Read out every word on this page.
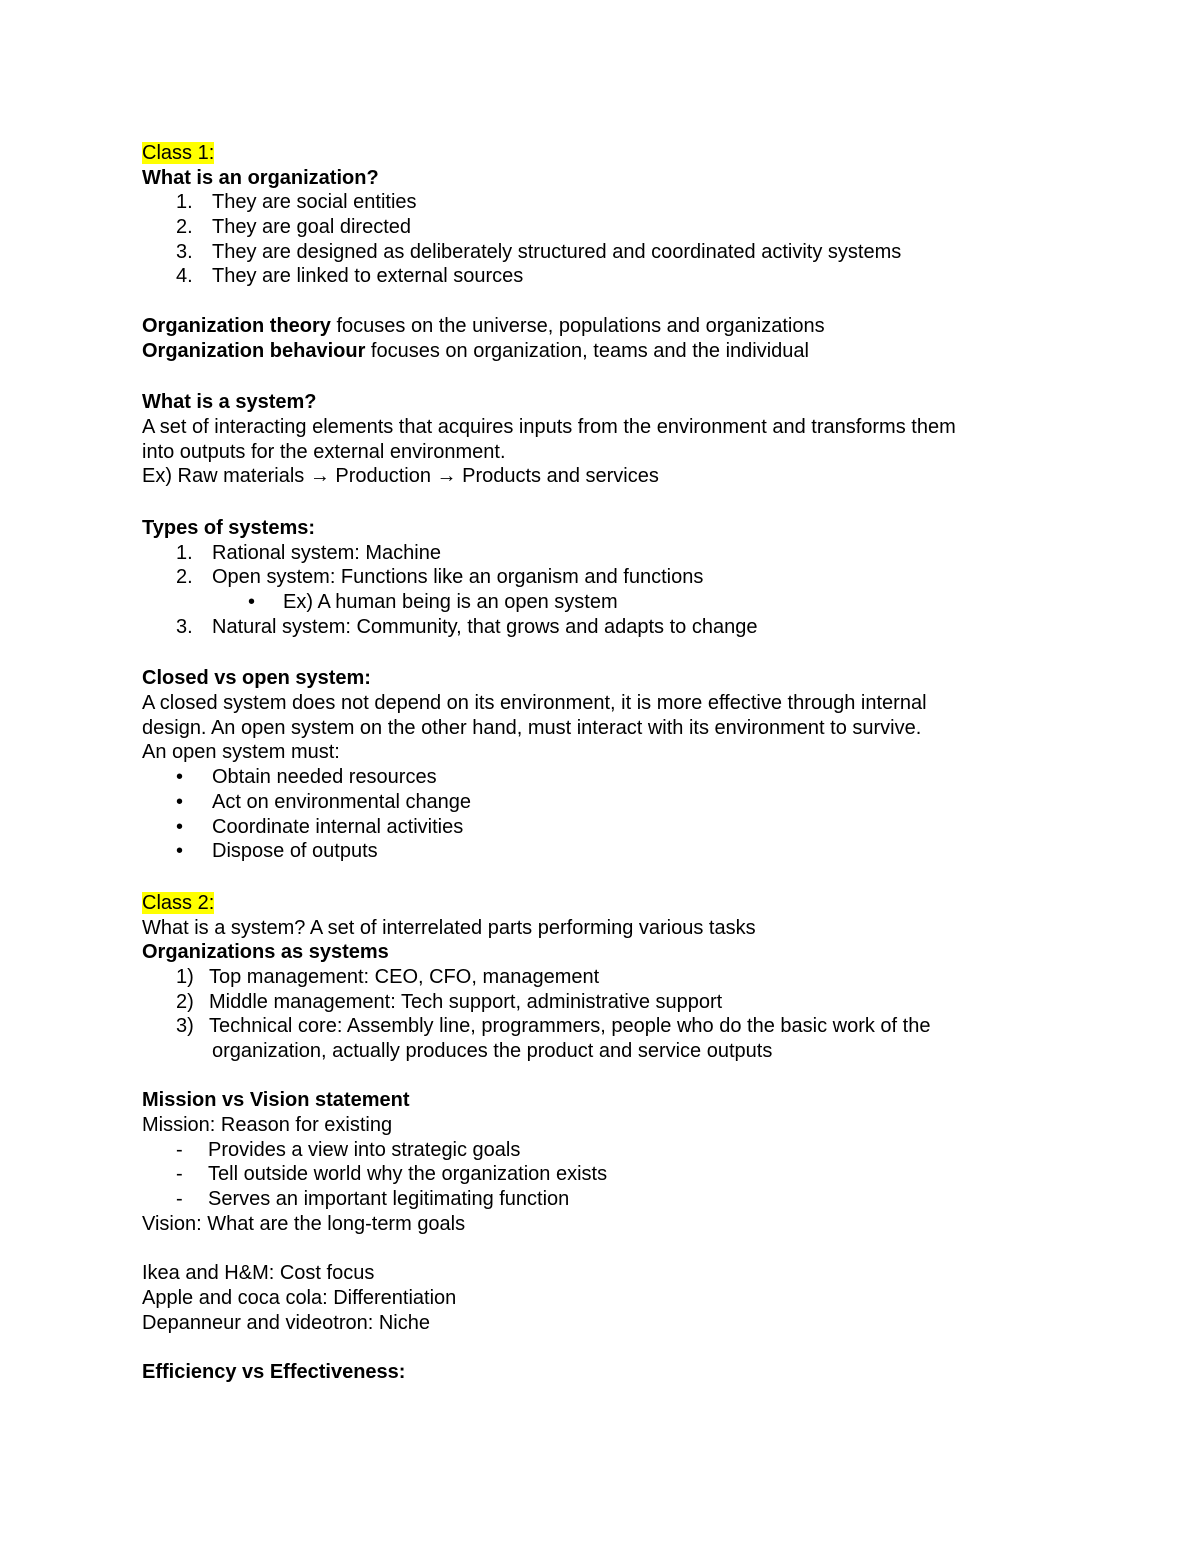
Class 1:
What is an organization?
1. They are social entities
2. They are goal directed
3. They are designed as deliberately structured and coordinated activity systems
4. They are linked to external sources
Organization theory focuses on the universe, populations and organizations
Organization behaviour focuses on organization, teams and the individual
What is a system?
A set of interacting elements that acquires inputs from the environment and transforms them
into outputs for the external environment.
Ex) Raw materials → Production → Products and services
Types of systems:
1. Rational system: Machine
2. Open system: Functions like an organism and functions
• Ex) A human being is an open system
3. Natural system: Community, that grows and adapts to change
Closed vs open system:
A closed system does not depend on its environment, it is more effective through internal
design. An open system on the other hand, must interact with its environment to survive.
An open system must:
• Obtain needed resources
• Act on environmental change
• Coordinate internal activities
• Dispose of outputs
Class 2:
What is a system? A set of interrelated parts performing various tasks
Organizations as systems
1) Top management: CEO, CFO, management
2) Middle management: Tech support, administrative support
3) Technical core: Assembly line, programmers, people who do the basic work of the
organization, actually produces the product and service outputs
Mission vs Vision statement
Mission: Reason for existing
- Provides a view into strategic goals
- Tell outside world why the organization exists
- Serves an important legitimating function
Vision: What are the long-term goals
Ikea and H&M: Cost focus
Apple and coca cola: Differentiation
Depanneur and videotron: Niche
Efficiency vs Effectiveness:
